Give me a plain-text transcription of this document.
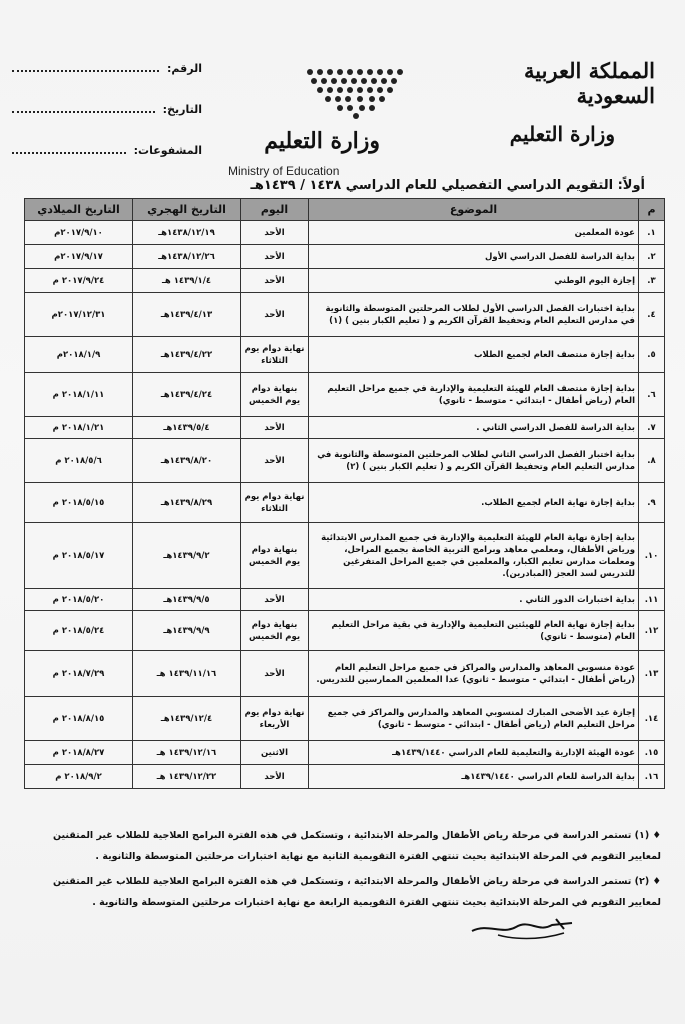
المملكة العربية السعودية
وزارة التعليم
الرقم
:
التاريخ
:
المشفوعات
:	وزارة التعليم
Ministry of Education
أولاً: التقويم الدراسي التفصيلي للعام الدراسي ١٤٣٨ / ١٤٣٩هـ
م	الموضوع	اليوم	التاريخ الهجري	التاريخ الميلادي
١.	عودة المعلمين	الأحد	١٤٣٨/١٢/١٩هـ	٢٠١٧/٩/١٠م
٢.	بداية الدراسة للفصل الدراسي الأول	الأحد	١٤٣٨/١٢/٢٦هـ	٢٠١٧/٩/١٧م
٣.	إجازة اليوم الوطني	الأحد	١٤٣٩/١/٤ هـ	٢٠١٧/٩/٢٤ م
٤.	بداية اختبارات الفصل الدراسي الأول لطلاب المرحلتين المتوسطة والثانوية في مدارس التعليم العام وتحفيظ القرآن الكريم و ( تعليم الكبار بنين ) (١)	الأحد	١٤٣٩/٤/١٣هـ	٢٠١٧/١٢/٣١م
٥.	بداية إجازة منتصف العام لجميع الطلاب	نهاية دوام يوم الثلاثاء	١٤٣٩/٤/٢٢هـ	٢٠١٨/١/٩م
٦.	بداية إجازة منتصف العام للهيئة التعليمية والإدارية في جميع مراحل التعليم العام (رياض أطفال - ابتدائي - متوسط - ثانوي)	بنهاية دوام يوم الخميس	١٤٣٩/٤/٢٤هـ	٢٠١٨/١/١١ م
٧.	بداية الدراسة للفصل الدراسي الثاني .	الأحد	١٤٣٩/٥/٤هـ	٢٠١٨/١/٢١ م
٨.	بداية اختبار الفصل الدراسي الثاني لطلاب المرحلتين المتوسطة والثانوية في مدارس التعليم العام وتحفيظ القرآن الكريم و ( تعليم الكبار بنين ) (٢)	الأحد	١٤٣٩/٨/٢٠هـ	٢٠١٨/٥/٦ م
٩.	بداية إجازة نهاية العام لجميع الطلاب.	نهاية دوام يوم الثلاثاء	١٤٣٩/٨/٢٩هـ	٢٠١٨/٥/١٥ م
١٠.	بداية إجازة نهاية العام للهيئة التعليمية والإدارية في جميع المدارس الابتدائية ورياض الأطفال، ومعلمي معاهد وبرامج التربية الخاصة بجميع المراحل، ومعلمات مدارس تعليم الكبار، والمعلمين في جميع المراحل المتفرغين للتدريس لسد العجز (المبادرين).	بنهاية دوام يوم الخميس	١٤٣٩/٩/٢هـ	٢٠١٨/٥/١٧ م
١١.	بداية اختبارات الدور الثاني .	الأحد	١٤٣٩/٩/٥هـ	٢٠١٨/٥/٢٠ م
١٢.	بداية إجازة نهاية العام للهيئتين التعليمية والإدارية في بقية مراحل التعليم العام (متوسط - ثانوي)	بنهاية دوام يوم الخميس	١٤٣٩/٩/٩هـ	٢٠١٨/٥/٢٤ م
١٣.	عودة منسوبي المعاهد والمدارس والمراكز في جميع مراحل التعليم العام (رياض أطفال - ابتدائي - متوسط - ثانوي) عدا المعلمين الممارسين للتدريس.	الأحد	١٤٣٩/١١/١٦ هـ	٢٠١٨/٧/٢٩ م
١٤.	إجازة عيد الأضحى المبارك لمنسوبي المعاهد والمدارس والمراكز في جميع مراحل التعليم العام (رياض أطفال - ابتدائي - متوسط - ثانوي)	نهاية دوام يوم الأربعاء	١٤٣٩/١٢/٤هـ	٢٠١٨/٨/١٥ م
١٥.	عودة الهيئة الإدارية والتعليمية للعام الدراسي ١٤٣٩/١٤٤٠هـ	الاثنين	١٤٣٩/١٢/١٦ هـ	٢٠١٨/٨/٢٧ م
١٦.	بداية الدراسة للعام الدراسي ١٤٣٩/١٤٤٠هـ	الأحد	١٤٣٩/١٢/٢٢ هـ	٢٠١٨/٩/٢ م
♦ (١) تستمر الدراسة في مرحلة رياض الأطفال والمرحلة الابتدائية ، وتستكمل في هذه الفترة البرامج العلاجية للطلاب غير المتقنين لمعايير التقويم في المرحلة الابتدائية بحيث تنتهي الفترة التقويمية الثانية مع نهاية اختبارات مرحلتين المتوسطة والثانوية .
♦ (٢) تستمر الدراسة في مرحلة رياض الأطفال والمرحلة الابتدائية ، وتستكمل في هذه الفترة البرامج العلاجية للطلاب غير المتقنين لمعايير التقويم في المرحلة الابتدائية بحيث تنتهي الفترة التقويمية الرابعة مع نهاية اختبارات مرحلتين المتوسطة والثانوية .
